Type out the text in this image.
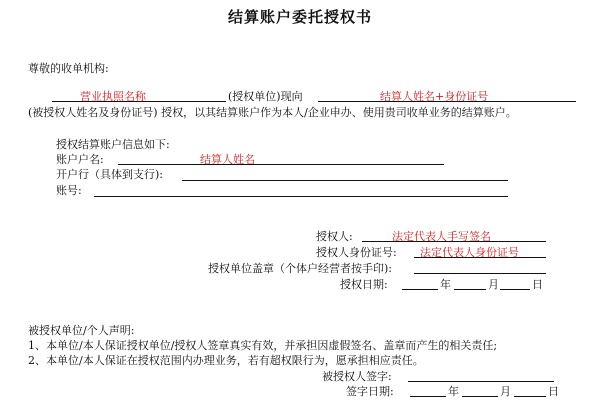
结算账户委托授权书
尊敬的收单机构:
营业执照名称	(授权单位)现向	结算人姓名+身份证号
(被授权人姓名及身份证号) 授权，以其结算账户作为本人/企业申办、使用贵司收单业务的结算账户。
授权结算账户信息如下:
账户户名:	结算人姓名
开户行（具体到支行):
账号:
授权人:	法定代表人手写签名
授权人身份证号: 法定代表人身份证号
授权单位盖章（个体户经营者按手印):
授权日期:	年	月	日
被授权单位/个人声明:
1、本单位/本人保证授权单位/授权人签章真实有效，并承担因虚假签名、盖章而产生的相关责任;
2、本单位/本人保证在授权范围内办理业务，若有超权限行为，愿承担相应责任。
被授权人签字:
签字日期:	年	月	日
